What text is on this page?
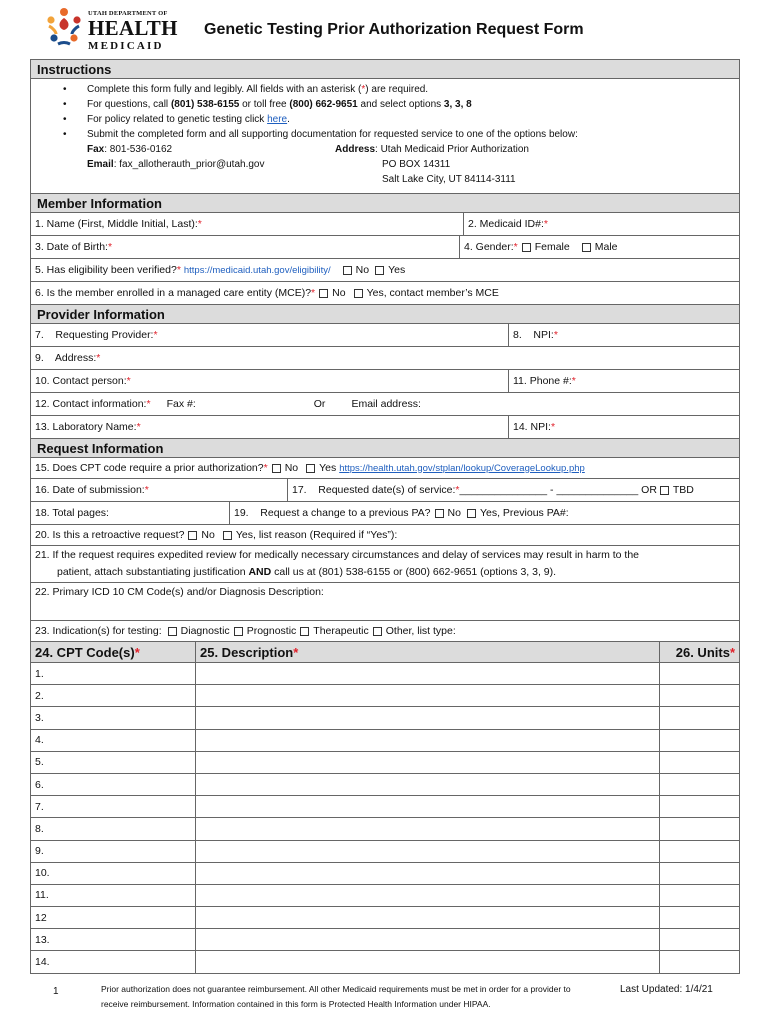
UTAH DEPARTMENT OF
HEALTH
MEDICAID
Genetic Testing Prior Authorization Request Form
Instructions
• Complete this form fully and legibly. All fields with an asterisk (*) are required.
• For questions, call (801) 538-6155 or toll free (800) 662-9651 and select options 3, 3, 8
• For policy related to genetic testing click here.
• Submit the completed form and all supporting documentation for requested service to one of the options below:
Fax: 801-536-0162
Email: fax_allotherauth_prior@utah.gov
Address: Utah Medicaid Prior Authorization
PO BOX 14311
Salt Lake City, UT 84114-3111
Member Information
1. Name (First, Middle Initial, Last): *	2. Medicaid ID#: *
3. Date of Birth: *	4. Gender: * Female Male
5. Has eligibility been verified? *
https://medicaid.utah.gov/eligibility/ No Yes
6. Is the member enrolled in a managed care entity (MCE)? * No Yes, contact member’s MCE
Provider Information
7.    Requesting Provider: *	8.    NPI: *
9.    Address: *
10. Contact person: *	11. Phone #: *
12. Contact information: * Fax #:	Or Email address:
13. Laboratory Name: *	14. NPI: *
Request Information
15. Does CPT code require a prior authorization? * No Yes
https://health.utah.gov/stplan/lookup/CoverageLookup.php
16. Date of submission: *	17.    Requested date(s) of service: * _______________ - ______________ OR TBD
18. Total pages:	19.    Request a change to a previous PA? No Yes, Previous PA#:
20. Is this a retroactive request? No Yes, list reason (Required if “Yes”):
21. If the request requires expedited review for medically necessary circumstances and delay of services may result in harm to the
patient, attach substantiating justification AND call us at (801) 538-6155 or (800) 662-9651 (options 3, 3, 9).
22. Primary ICD 10 CM Code(s) and/or Diagnosis Description:
23. Indication(s) for testing: Diagnostic Prognostic Therapeutic Other, list type:
24. CPT Code(s) *	25. Description *	26. Units *
1.
2.
3.
4.
5.
6.
7.
8.
9.
10.
11.
12
13.
14.
1	Prior authorization does not guarantee reimbursement. All other Medicaid requirements must be met in order for a provider to receive reimbursement. Information contained in this form is Protected Health Information under HIPAA.
Last Updated: 1/4/21
